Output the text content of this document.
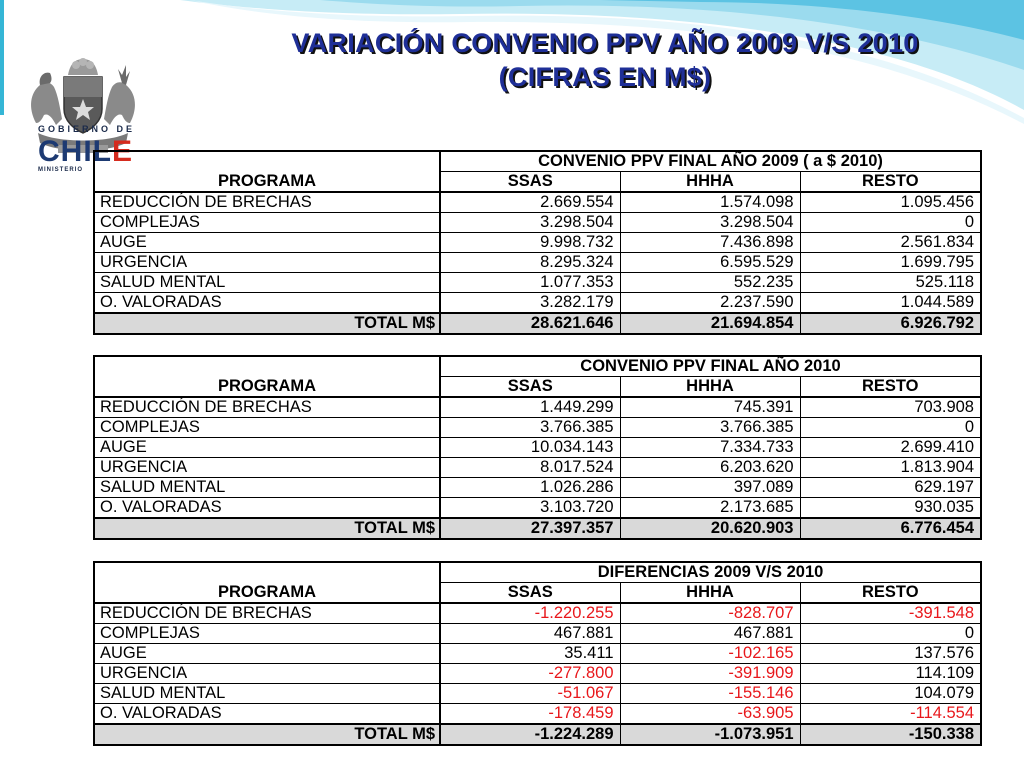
GOBIERNO DE
CHILE
MINISTERIO
VARIACIÓN CONVENIO PPV AÑO 2009 V/S 2010
(CIFRAS EN M$)
	CONVENIO PPV FINAL AÑO 2009 ( a $ 2010)		
PROGRAMA	SSAS	HHHA	RESTO
REDUCCIÓN DE BRECHAS	2.669.554	1.574.098	1.095.456
COMPLEJAS	3.298.504	3.298.504	0
AUGE	9.998.732	7.436.898	2.561.834
URGENCIA	8.295.324	6.595.529	1.699.795
SALUD MENTAL	1.077.353	552.235	525.118
O. VALORADAS	3.282.179	2.237.590	1.044.589
TOTAL M$	28.621.646	21.694.854	6.926.792
	CONVENIO PPV FINAL AÑO 2010		
PROGRAMA	SSAS	HHHA	RESTO
REDUCCIÓN DE BRECHAS	1.449.299	745.391	703.908
COMPLEJAS	3.766.385	3.766.385	0
AUGE	10.034.143	7.334.733	2.699.410
URGENCIA	8.017.524	6.203.620	1.813.904
SALUD MENTAL	1.026.286	397.089	629.197
O. VALORADAS	3.103.720	2.173.685	930.035
TOTAL M$	27.397.357	20.620.903	6.776.454
	DIFERENCIAS 2009 V/S 2010		
PROGRAMA	SSAS	HHHA	RESTO
REDUCCIÓN DE BRECHAS	-1.220.255	-828.707	-391.548
COMPLEJAS	467.881	467.881	0
AUGE	35.411	-102.165	137.576
URGENCIA	-277.800	-391.909	114.109
SALUD MENTAL	-51.067	-155.146	104.079
O. VALORADAS	-178.459	-63.905	-114.554
TOTAL M$	-1.224.289	-1.073.951	-150.338
